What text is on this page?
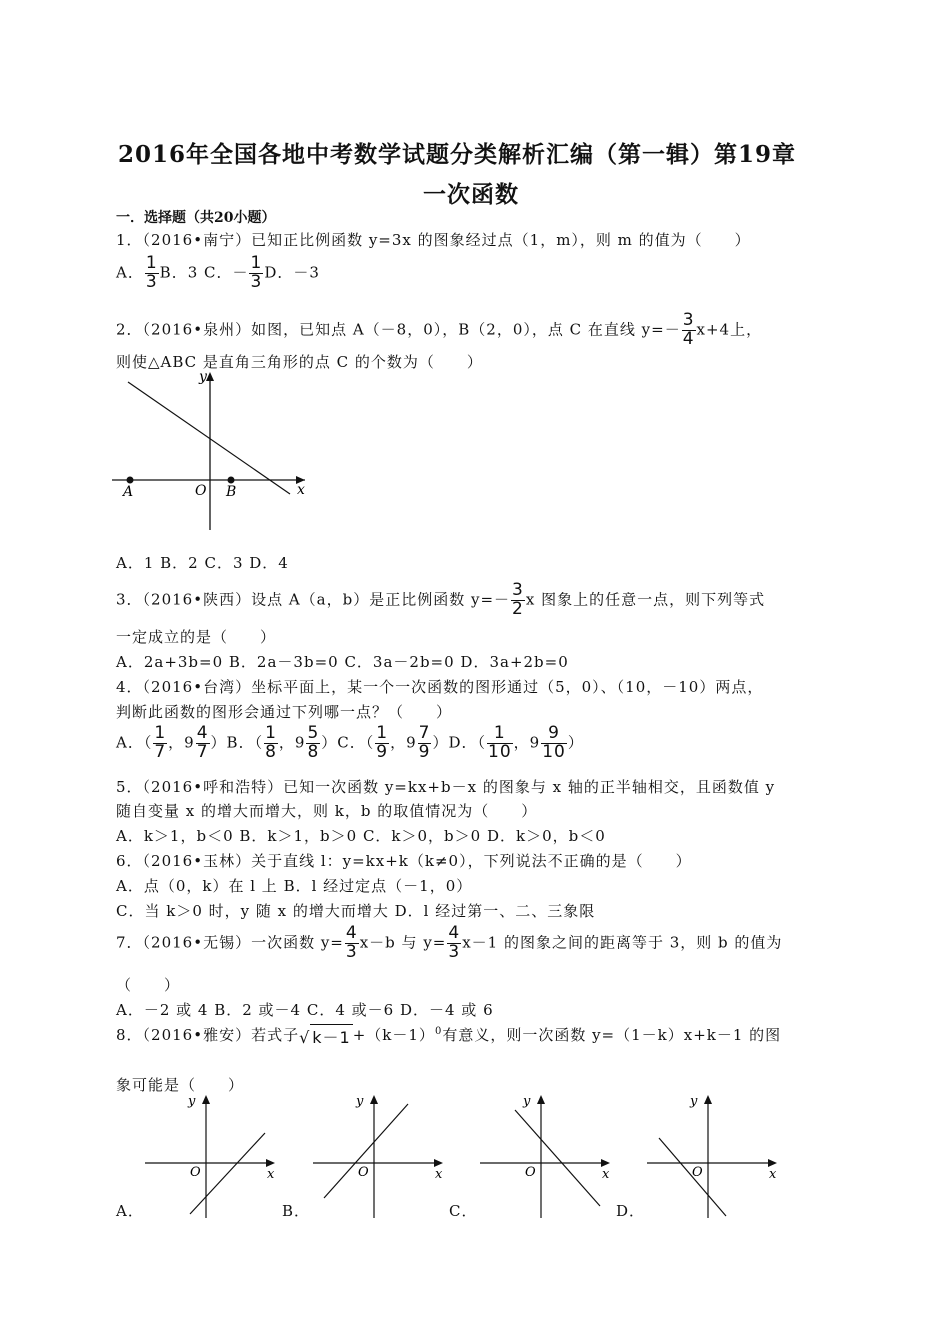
2016年全国各地中考数学试题分类解析汇编（第一辑）第19章
一次函数
一．选择题（共20小题）
1．（2016•南宁）已知正比例函数 y=3x 的图象经过点（1，m），则 m 的值为（　　）
A． $\frac{1}{3}$ B．3 C．－ $\frac{1}{3}$ D．－3
2．（2016•泉州）如图，已知点 A（－8，0），B（2，0），点 C 在直线 $y=- \frac{3}{4} x+4$上，
则使△ABC 是直角三角形的点 C 的个数为（　　）
y
x
O
A	B
A．1 B．2 C．3 D．4
3．（2016•陕西）设点 A（a，b）是正比例函数 $y=- \frac{3}{2}$ x 图象上的任意一点，则下列等式
一定成立的是（　　）
A．2a+3b=0 B．2a－3b=0 C．3a－2b=0 D．3a+2b=0
4．（2016•台湾）坐标平面上，某一个一次函数的图形通过（5，0）、（10，－10）两点，
判断此函数的图形会通过下列哪一点？（　　）
A．（ $\frac{1}{7}$ ，$9 \frac{4}{7} )B$．（ $\frac{1}{8}$ ，$9 \frac{5}{8} )C$．（ $\frac{1}{9}$ ，$9 \frac{7}{9} )D$．（ $\frac{1}{10}$ ，$9 \frac{9}{10}$ ）
5．（2016•呼和浩特）已知一次函数 y=kx+b－x 的图象与 x 轴的正半轴相交，且函数值 y
随自变量 x 的增大而增大，则 k，b 的取值情况为（　　）
A．k＞1，b＜0 B．k＞1，b＞0 C．k＞0，b＞0 D．k＞0，b＜0
6．（2016•玉林）关于直线 l：y=kx+k（k≠0），下列说法不正确的是（　　）
A．点（0，k）在 l 上 B．l 经过定点（－1，0）
C．当 k＞0 时，y 随 x 的增大而增大 D．l 经过第一、二、三象限
7．（2016•无锡）一次函数 $y= \frac{4}{3} x-b$ 与 $y= \frac{4}{3} x-1$ 的图象之间的距离等于 3，则 b 的值为
（　　）
A．－2 或 4 B．2 或－4 C．4 或－6 D．－4 或 6
8．（2016•雅安）若式子√ $k-1 +(k-1)^0$有意义，则一次函数 y=（1－k）x+k－1 的图
象可能是（　　）
y
x
O
y
x
O
y
x
O
y
x
O
A．	B．	C．	D．
